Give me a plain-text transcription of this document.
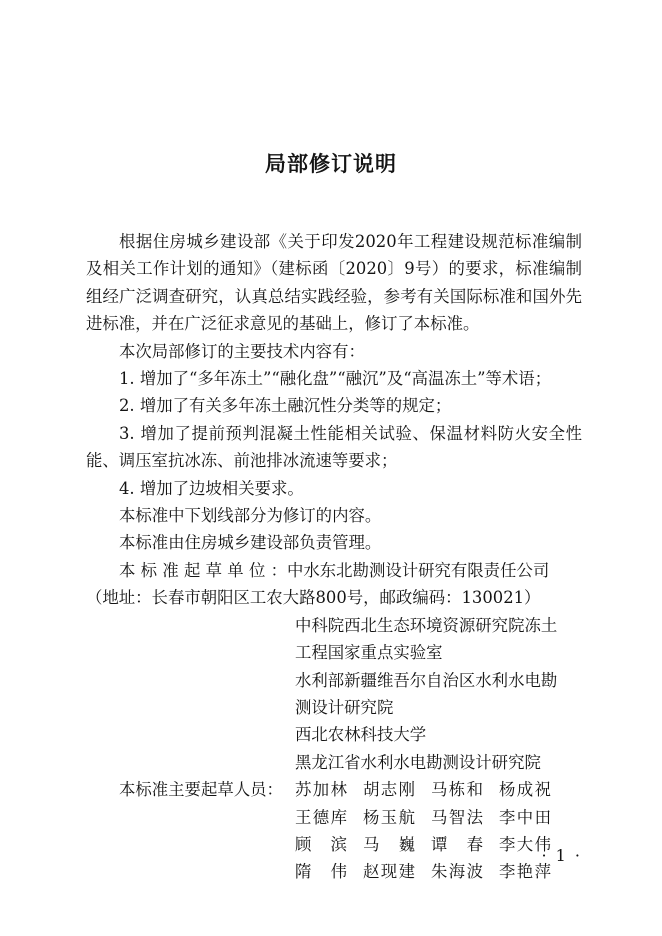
局部修订说明

根据住房城乡建设部《关于印发2020年工程建设规范标准编制及相关工作计划的通知》（建标函〔2020〕9号）的要求，标准编制组经广泛调查研究，认真总结实践经验，参考有关国际标准和国外先进标准，并在广泛征求意见的基础上，修订了本标准。

本次局部修订的主要技术内容有：

1. 增加了“多年冻土”“融化盘”“融沉”及“高温冻土”等术语；

2. 增加了有关多年冻土融沉性分类等的规定；

3. 增加了提前预判混凝土性能相关试验、保温材料防火安全性能、调压室抗冰冻、前池排冰流速等要求；

4. 增加了边坡相关要求。

本标准中下划线部分为修订的内容。

本标准由住房城乡建设部负责管理。

本标准起草单位： 中水东北勘测设计研究有限责任公司

（地址：长春市朝阳区工农大路800号，邮政编码：130021）

中科院西北生态环境资源研究院冻土
工程国家重点实验室
水利部新疆维吾尔自治区水利水电勘
测设计研究院
西北农林科技大学
黑龙江省水利水电勘测设计研究院
本标准主要起草人员： 苏加林 胡志刚 马栋和 杨成祝
王德库 杨玉航 马智法 李中田
顾滨 马巍 谭春 李大伟
隋伟 赵现建 朱海波 李艳萍
· 1 ·
